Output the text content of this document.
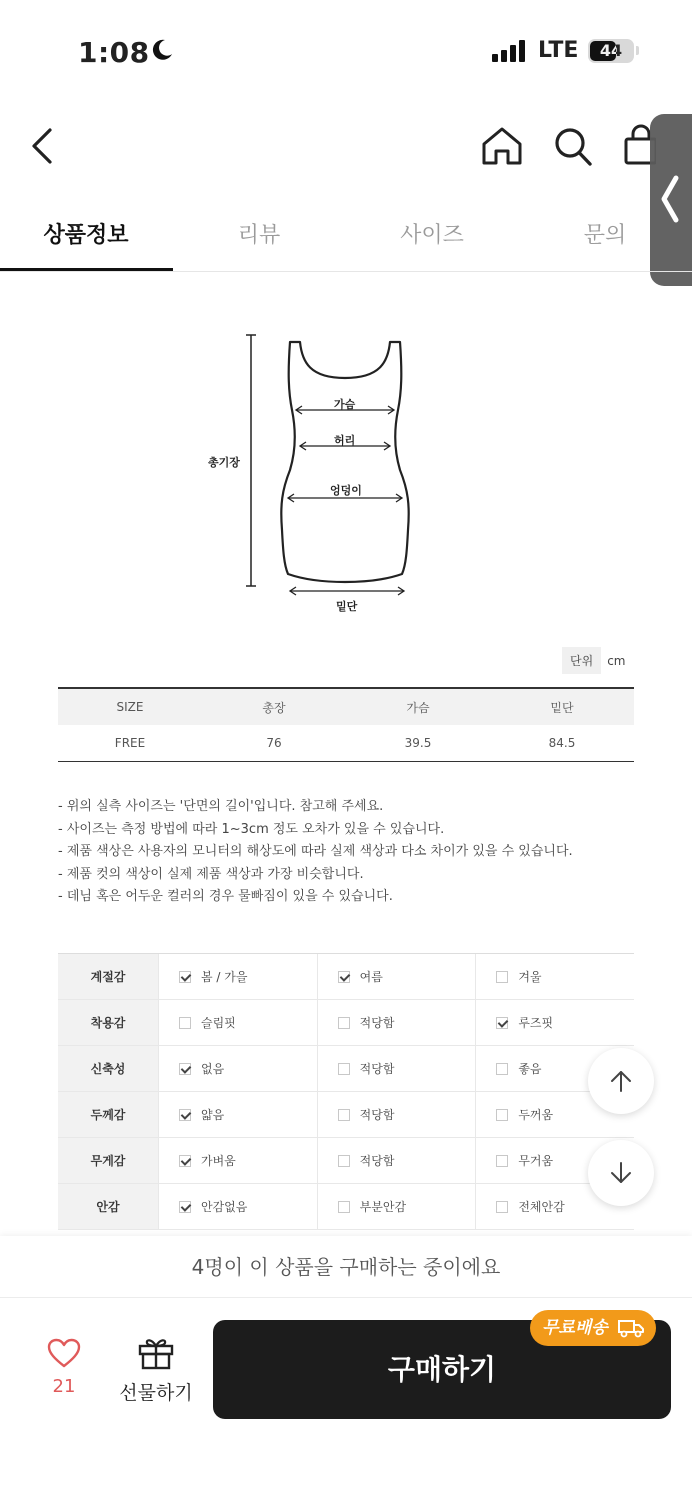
1:08	LTE	44
상품정보	리뷰	사이즈	문의
가슴
허리
엉덩이
총기장
밑단
단위 cm
SIZE	총장	가슴	밑단
FREE	76	39.5	84.5
- 위의 실측 사이즈는 '단면의 길이'입니다. 참고해 주세요.
- 사이즈는 측정 방법에 따라 1~3cm 정도 오차가 있을 수 있습니다.
- 제품 색상은 사용자의 모니터의 해상도에 따라 실제 색상과 다소 차이가 있을 수 있습니다.
- 제품 컷의 색상이 실제 제품 색상과 가장 비슷합니다.
- 데님 혹은 어두운 컬러의 경우 물빠짐이 있을 수 있습니다.
계절감	봄 / 가을	여름	겨울
착용감	슬림핏	적당함	루즈핏
신축성	없음	적당함	좋음
두께감	얇음	적당함	두꺼움
무게감	가벼움	적당함	무거움
안감	안감없음	부분안감	전체안감
4명이 이 상품을 구매하는 중이에요
21	선물하기
구매하기
무료배송
